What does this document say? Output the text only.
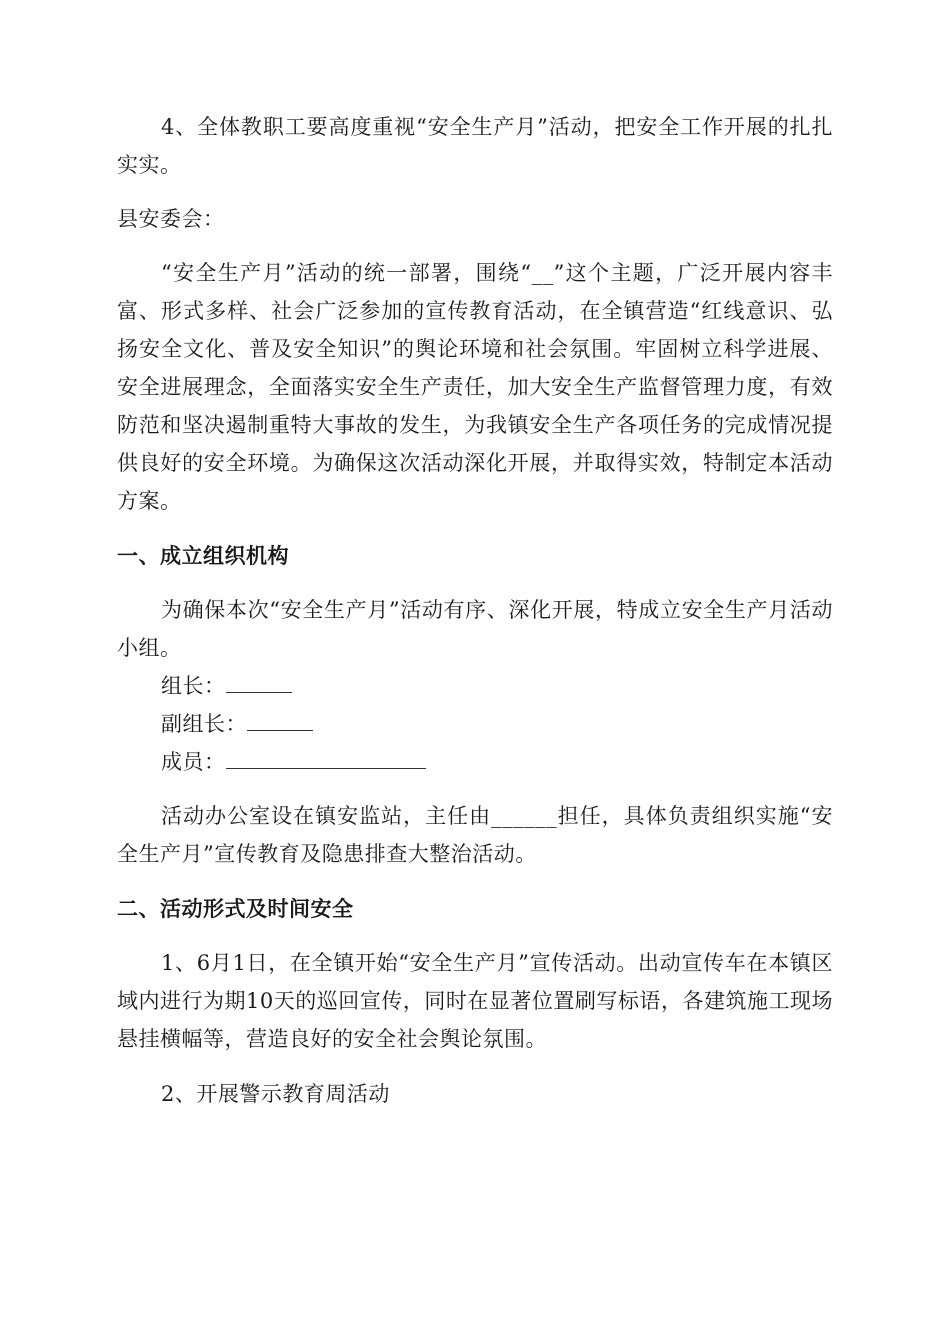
4、全体教职工要高度重视“安全生产月”活动，把安全工作开展的扎扎实实。

县安委会：

“安全生产月”活动的统一部署，围绕“__”这个主题，广泛开展内容丰富、形式多样、社会广泛参加的宣传教育活动，在全镇营造“红线意识、弘扬安全文化、普及安全知识”的舆论环境和社会氛围。牢固树立科学进展、安全进展理念，全面落实安全生产责任，加大安全生产监督管理力度，有效防范和坚决遏制重特大事故的发生，为我镇安全生产各项任务的完成情况提供良好的安全环境。为确保这次活动深化开展，并取得实效，特制定本活动方案。

一、成立组织机构

为确保本次“安全生产月”活动有序、深化开展，特成立安全生产月活动小组。

组长：

副组长：

成员：

活动办公室设在镇安监站，主任由______担任，具体负责组织实施“安全生产月”宣传教育及隐患排查大整治活动。

二、活动形式及时间安全

1、6月1日，在全镇开始“安全生产月”宣传活动。出动宣传车在本镇区域内进行为期10天的巡回宣传，同时在显著位置刷写标语，各建筑施工现场悬挂横幅等，营造良好的安全社会舆论氛围。

2、开展警示教育周活动
